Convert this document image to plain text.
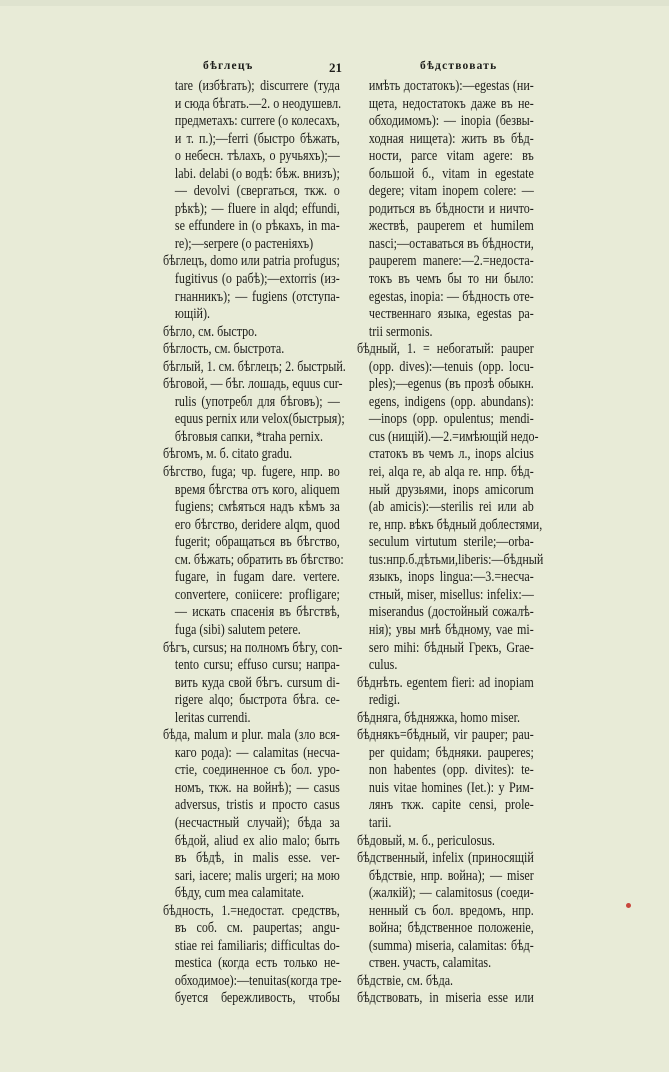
бѣглецъ	21	бѣдствовать
tare (избѣгать); discurrere (туда
и сюда бѣгать.—2. о неодушевл.
предметахъ: currere (о колесахъ,
и т. п.);—ferri (быстро бѣжать,
о небесн. тѣлахъ, о ручьяхъ);—
labi. delabi (о водѣ: бѣж. внизъ);
— devolvi (свергаться, ткж. о
рѣкѣ); — fluere in alqd; effundi,
se effundere in (о рѣкахъ, in ma-
re);—serpere (о растеніяхъ)
бѣглецъ, domo или patria profugus;
fugitivus (о рабѣ);—extorris (из-
гнанникъ); — fugiens (отступа-
ющій).
бѣгло, см. быстро.
бѣглость, см. быстрота.
бѣглый, 1. см. бѣглецъ; 2. быстрый.
бѣговой, — бѣг. лошадь, equus cur-
rulis (употребл для бѣговъ); —
equus pernix или velox(быстрыя);
бѣговыя сапки, *traha pernix.
бѣгомъ, м. б. citato gradu.
бѣгство, fuga; чр. fugere, нпр. во
время бѣгства отъ кого, aliquem
fugiens; смѣяться надъ кѣмъ за
его бѣгство, deridere alqm, quod
fugerit; обращаться въ бѣгство,
см. бѣжать; обратить въ бѣгство:
fugare, in fugam dare. vertere.
convertere, coniicere: profligare;
— искать спасенія въ бѣгствѣ,
fuga (sibi) salutem petere.
бѣгъ, cursus; на полномъ бѣгу, con-
tento cursu; effuso cursu; напра-
вить куда свой бѣгъ. cursum di-
rigere alqo; быстрота бѣга. ce-
leritas currendi.
бѣда, malum и plur. mala (зло вся-
каго рода): — calamitas (несча-
стіе, соединенное съ бол. уро-
номъ, ткж. на войнѣ); — casus
adversus, tristis и просто casus
(несчастный случай); бѣда за
бѣдой, aliud ex alio malo; быть
въ бѣдѣ, in malis esse. ver-
sari, iacere; malis urgeri; на мою
бѣду, cum mea calamitate.
бѣдность, 1.=недостат. средствъ,
въ соб. см. paupertas; angu-
stiae rei familiaris; difficultas do-
mestica (когда есть только не-
обходимое):—tenuitas(когда тре-
буется бережливость, чтобы
имѣть достатокъ):—egestas (ни-
щета, недостатокъ даже въ не-
обходимомъ): — inopia (безвы-
ходная нищета): жить въ бѣд-
ности, parce vitam agere: въ
большой б., vitam in egestate
degere; vitam inopem colere: —
родиться въ бѣдности и ничто-
жествѣ, pauperem et humilem
nasci;—оставаться въ бѣдности,
pauperem manere:—2.=недоста-
токъ въ чемъ бы то ни было:
egestas, inopia: — бѣдность оте-
чественнаго языка, egestas pa-
trii sermonis.
бѣдный, 1. = небогатый: pauper
(opp. dives):—tenuis (opp. locu-
ples);—egenus (въ прозѣ обыкн.
egens, indigens (opp. abundans):
—inops (opp. opulentus; mendi-
cus (нищій).—2.=имѣющій недо-
статокъ въ чемъ л., inops alcius
rei, alqa re, ab alqa re. нпр. бѣд-
ный друзьями, inops amicorum
(ab amicis):—sterilis rei или ab
re, нпр. вѣкъ бѣдный доблестями,
seculum virtutum sterile;—orba-
tus:нпр.б.дѣтьми,liberis:—бѣдный
языкъ, inops lingua:—3.=несча-
стный, miser, misellus: infelix:—
miserandus (достойный сожалѣ-
нія); увы мнѣ бѣдному, vae mi-
sero mihi: бѣдный Грекъ, Grae-
culus.
бѣднѣть. egentem fieri: ad inopiam
redigi.
бѣдняга, бѣдняжка, homo miser.
бѣднякъ=бѣдный, vir pauper; pau-
per quidam; бѣдняки. pauperes;
non habentes (opp. divites): te-
nuis vitae homines (Iet.): у Рим-
лянъ ткж. capite censi, prole-
tarii.
бѣдовый, м. б., periculosus.
бѣдственный, infelix (приносящій
бѣдствіе, нпр. война); — miser
(жалкій); — calamitosus (соеди-
ненный съ бол. вредомъ, нпр.
война; бѣдственное положеніе,
(summa) miseria, calamitas: бѣд-
ствен. участь, calamitas.
бѣдствіе, см. бѣда.
бѣдствовать, in miseria esse или
